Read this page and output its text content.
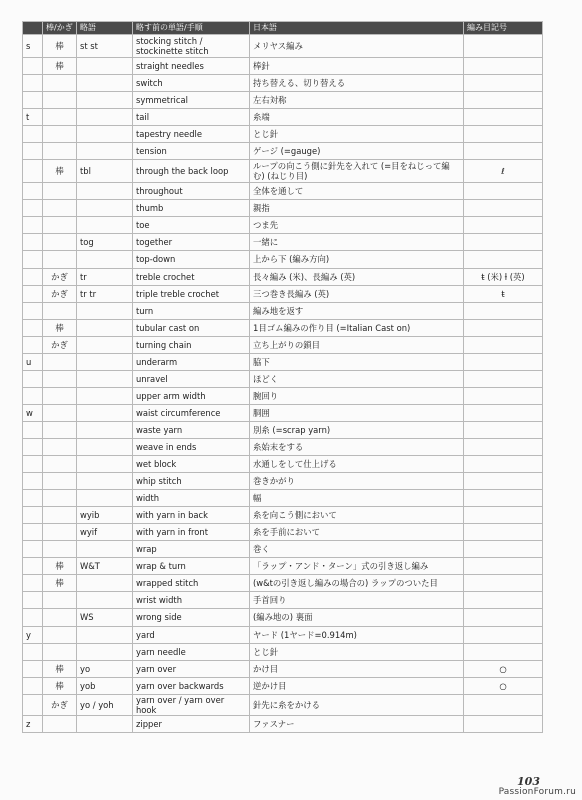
	棒/かぎ	略語	略す前の単語/手順	日本語	編み目記号
s	棒	st st	stocking stitch / stockinette stitch	メリヤス編み	
	棒		straight needles	棒針	
			switch	持ち替える、切り替える	
			symmetrical	左右対称	
t			tail	糸端	
			tapestry needle	とじ針	
			tension	ゲージ (=gauge)	
	棒	tbl	through the back loop	ループの向こう側に針先を入れて (=目をねじって編む) (ねじり目)	ℓ
			throughout	全体を通して	
			thumb	親指	
			toe	つま先	
		tog	together	一緒に	
			top-down	上から下 (編み方向)	
	かぎ	tr	treble crochet	長々編み (米)、長編み (英)	ŧ (米) ƚ (英)
	かぎ	tr tr	triple treble crochet	三つ巻き長編み (英)	ŧ
			turn	編み地を返す	
	棒		tubular cast on	1目ゴム編みの作り目 (=Italian Cast on)	
	かぎ		turning chain	立ち上がりの鎖目	
u			underarm	脇下	
			unravel	ほどく	
			upper arm width	腕回り	
w			waist circumference	胴囲	
			waste yarn	別糸 (=scrap yarn)	
			weave in ends	糸始末をする	
			wet block	水通しをして仕上げる	
			whip stitch	巻きかがり	
			width	幅	
		wyib	with yarn in back	糸を向こう側において	
		wyif	with yarn in front	糸を手前において	
			wrap	巻く	
	棒	W&T	wrap & turn	「ラップ・アンド・ターン」式の引き返し編み	
	棒		wrapped stitch	(w&tの引き返し編みの場合の) ラップのついた目	
			wrist width	手首回り	
		WS	wrong side	(編み地の) 裏面	
y			yard	ヤード (1ヤード=0.914m)	
			yarn needle	とじ針	
	棒	yo	yarn over	かけ目	○
	棒	yob	yarn over backwards	逆かけ目	○
	かぎ	yo / yoh	yarn over / yarn over hook	針先に糸をかける	
z			zipper	ファスナー	
103
PassionForum.ru
